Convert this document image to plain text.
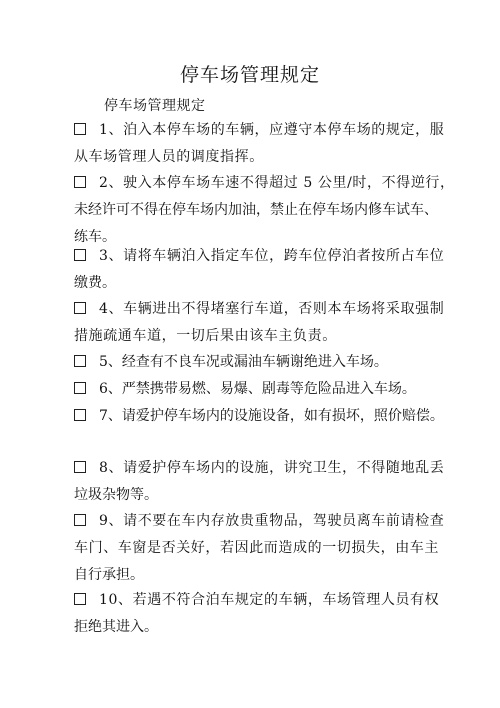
停车场管理规定
停车场管理规定
1、泊入本停车场的车辆，应遵守本停车场的规定，服
从车场管理人员的调度指挥。
2、驶入本停车场车速不得超过 5 公里/时，不得逆行，
未经许可不得在停车场内加油，禁止在停车场内修车试车、
练车。
3、请将车辆泊入指定车位，跨车位停泊者按所占车位
缴费。
4、车辆进出不得堵塞行车道，否则本车场将采取强制
措施疏通车道，一切后果由该车主负责。
5、经查有不良车况或漏油车辆谢绝进入车场。
6、严禁携带易燃、易爆、剧毒等危险品进入车场。
7、请爱护停车场内的设施设备，如有损坏，照价赔偿。
8、请爱护停车场内的设施，讲究卫生，不得随地乱丢
垃圾杂物等。
9、请不要在车内存放贵重物品，驾驶员离车前请检查
车门、车窗是否关好，若因此而造成的一切损失，由车主
自行承担。
10、若遇不符合泊车规定的车辆，车场管理人员有权
拒绝其进入。
